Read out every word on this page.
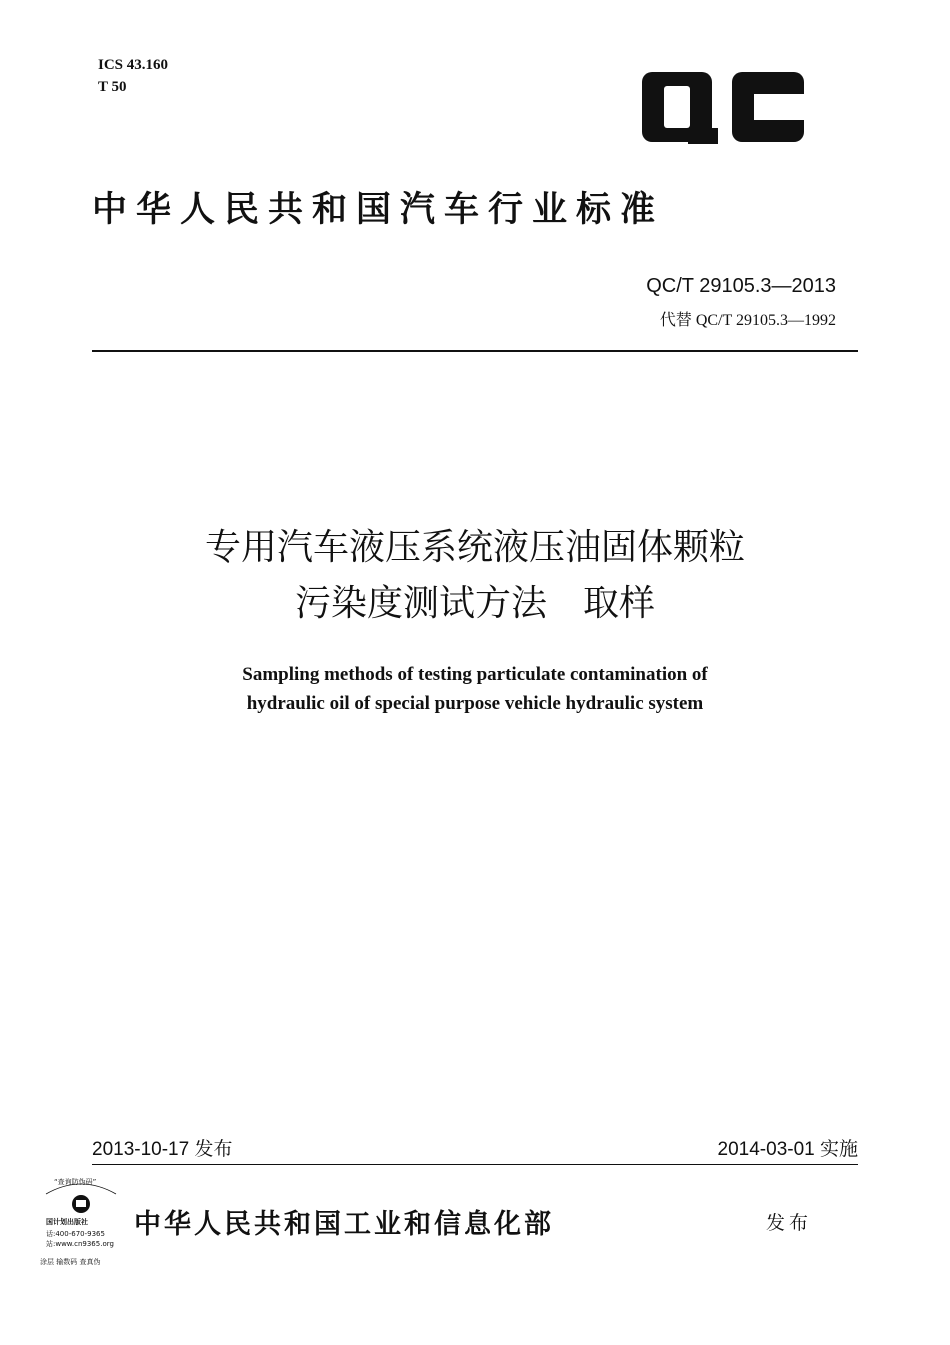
ICS 43.160
T 50
中华人民共和国汽车行业标准
QC/T 29105.3—2013
代替 QC/T 29105.3—1992
专用汽车液压系统液压油固体颗粒
污染度测试方法　取样
Sampling methods of testing particulate contamination of
hydraulic oil of special purpose vehicle hydraulic system
2013-10-17 发布	2014-03-01 实施
“查询防伪码”
国计划出版社
话:400-670-9365
站:www.cn9365.org
涂层 输数码 查真伪
中华人民共和国工业和信息化部	发布
